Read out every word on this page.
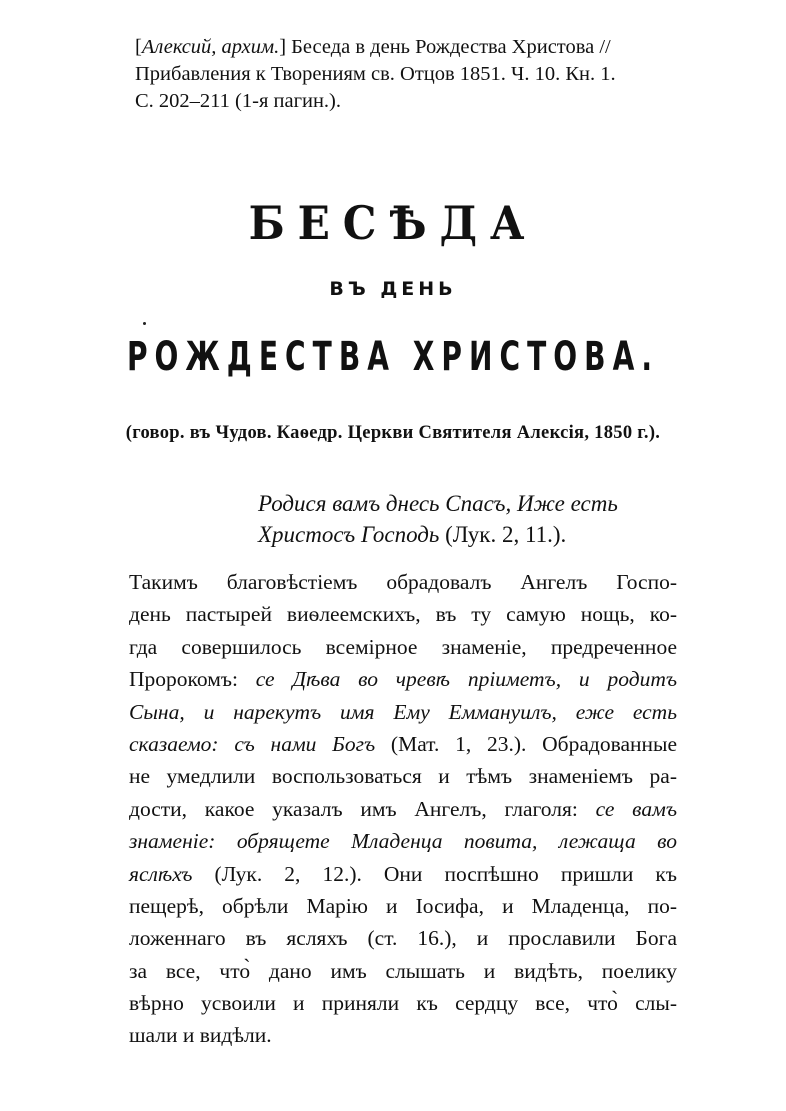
[Алексий, архим.] Беседа в день Рождества Христова //
Прибавления к Творениям св. Отцов 1851. Ч. 10. Кн. 1.
С. 202–211 (1-я пагин.).
БЕСѢДА
ВЪ ДЕНЬ
РОЖДЕСТВА ХРИСТОВА.
(говор. въ Чудов. Каѳедр. Церкви Святителя Алексія, 1850 г.).
Родися вамъ днесь Спасъ, Иже есть
Христосъ Господь (Лук. 2, 11.).
Такимъ благовѣстіемъ обрадовалъ Ангелъ Госпо-
день пастырей виѳлеемскихъ, въ ту самую нощь, ко-
гда совершилось всемірное знаменіе, предреченное
Пророкомъ: се Дѣва во чревѣ пріиметъ, и родитъ
Сына, и нарекутъ имя Ему Еммануилъ, еже есть
сказаемо: съ нами Богъ (Мат. 1, 23.). Обрадованные
не умедлили воспользоваться и тѣмъ знаменіемъ ра-
дости, какое указалъ имъ Ангелъ, глаголя: се вамъ
знаменіе: обрящете Младенца повита, лежаща во
яслѣхъ (Лук. 2, 12.). Они поспѣшно пришли къ
пещерѣ, обрѣли Марію и Іосифа, и Младенца, по-
ложеннаго въ ясляхъ (ст. 16.), и прославили Бога
за все, что̀ дано имъ слышать и видѣть, поелику
вѣрно усвоили и приняли къ сердцу все, что̀ слы-
шали и видѣли.
